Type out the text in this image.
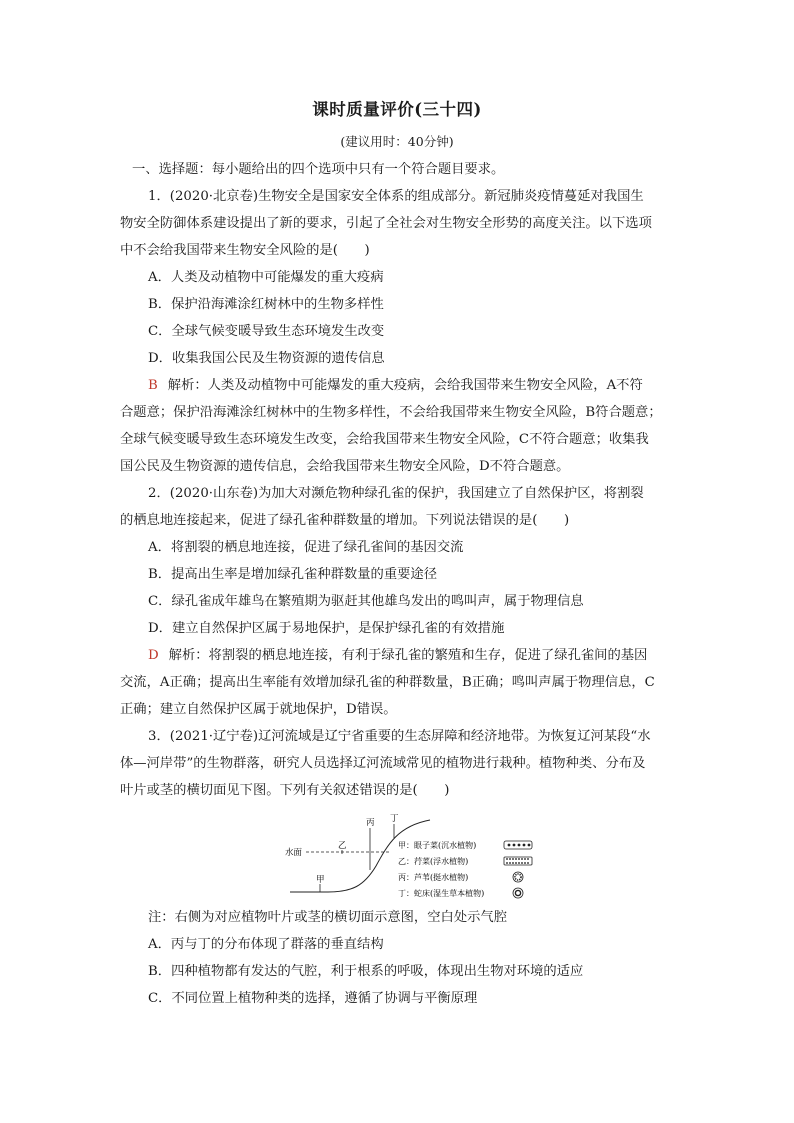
课时质量评价(三十四)
(建议用时：40分钟)
一、选择题：每小题给出的四个选项中只有一个符合题目要求。
1．(2020·北京卷)生物安全是国家安全体系的组成部分。新冠肺炎疫情蔓延对我国生
物安全防御体系建设提出了新的要求，引起了全社会对生物安全形势的高度关注。以下选项
中不会给我国带来生物安全风险的是(　　)
A．人类及动植物中可能爆发的重大疫病
B．保护沿海滩涂红树林中的生物多样性
C．全球气候变暖导致生态环境发生改变
D．收集我国公民及生物资源的遗传信息
B 解析：人类及动植物中可能爆发的重大疫病，会给我国带来生物安全风险，A不符
合题意；保护沿海滩涂红树林中的生物多样性，不会给我国带来生物安全风险，B符合题意；
全球气候变暖导致生态环境发生改变，会给我国带来生物安全风险，C不符合题意；收集我
国公民及生物资源的遗传信息，会给我国带来生物安全风险，D不符合题意。
2．(2020·山东卷)为加大对濒危物种绿孔雀的保护，我国建立了自然保护区，将割裂
的栖息地连接起来，促进了绿孔雀种群数量的增加。下列说法错误的是(　　)
A．将割裂的栖息地连接，促进了绿孔雀间的基因交流
B．提高出生率是增加绿孔雀种群数量的重要途径
C．绿孔雀成年雄鸟在繁殖期为驱赶其他雄鸟发出的鸣叫声，属于物理信息
D．建立自然保护区属于易地保护，是保护绿孔雀的有效措施
D 解析：将割裂的栖息地连接，有利于绿孔雀的繁殖和生存，促进了绿孔雀间的基因
交流，A正确；提高出生率能有效增加绿孔雀的种群数量，B正确；鸣叫声属于物理信息，C
正确；建立自然保护区属于就地保护，D错误。
3．(2021·辽宁卷)辽河流域是辽宁省重要的生态屏障和经济地带。为恢复辽河某段“水
体—河岸带”的生物群落，研究人员选择辽河流域常见的植物进行栽种。植物种类、分布及
叶片或茎的横切面见下图。下列有关叙述错误的是(　　)
水面
甲
乙
丙 丁
甲：眼子菜(沉水植物)
乙：荇菜(浮水植物)
丙：芦苇(挺水植物)
丁：蛇床(湿生草本植物)
注：右侧为对应植物叶片或茎的横切面示意图，空白处示气腔
A．丙与丁的分布体现了群落的垂直结构
B．四种植物都有发达的气腔，利于根系的呼吸，体现出生物对环境的适应
C．不同位置上植物种类的选择，遵循了协调与平衡原理
